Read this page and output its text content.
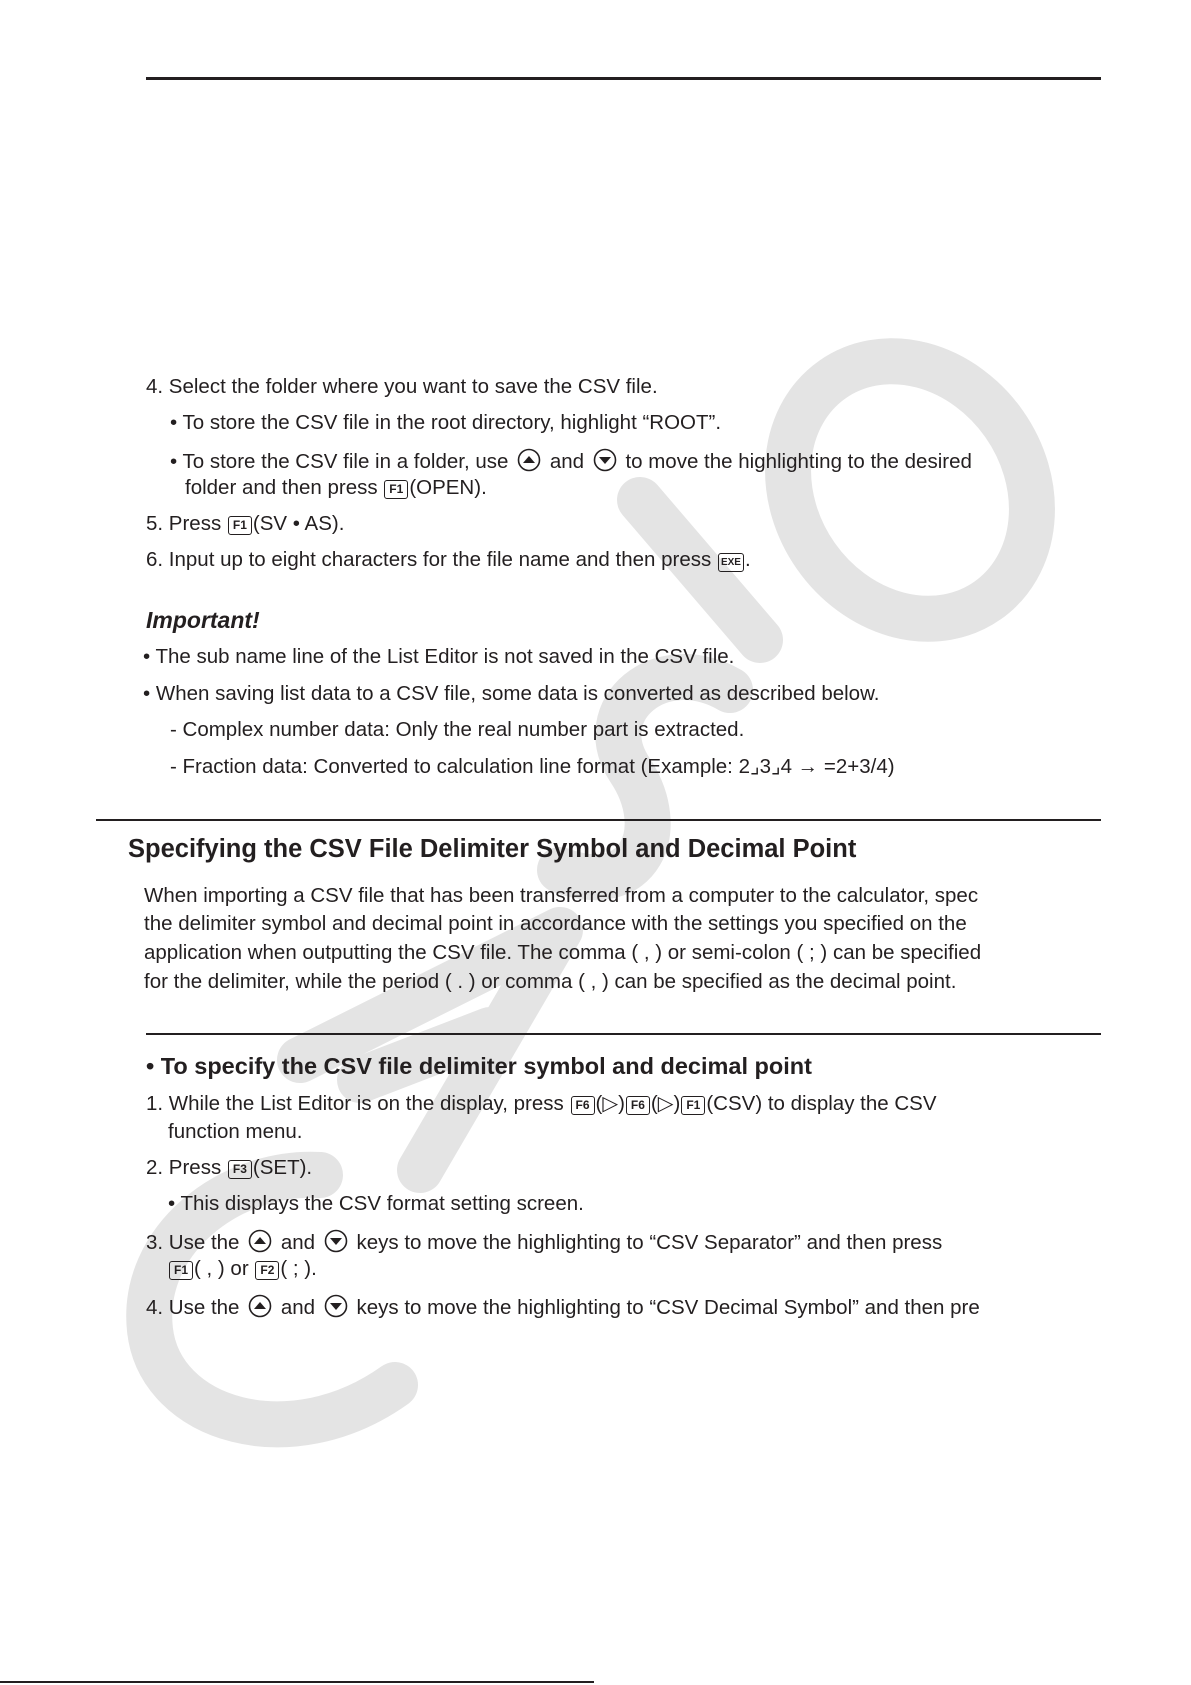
4. Select the folder where you want to save the CSV file.
• To store the CSV file in the root directory, highlight “ROOT”.
• To store the CSV file in a folder, use and to move the highlighting to the desired
folder and then press F1 (OPEN).
5. Press F1 (SV • AS).
6. Input up to eight characters for the file name and then press EXE .
Important!
• The sub name line of the List Editor is not saved in the CSV file.
• When saving list data to a CSV file, some data is converted as described below.
- Complex number data: Only the real number part is extracted.
- Fraction data: Converted to calculation line format (Example: 2⌟3⌟4 → =2+3/4)
Specifying the CSV File Delimiter Symbol and Decimal Point
When importing a CSV file that has been transferred from a computer to the calculator, spec
the delimiter symbol and decimal point in accordance with the settings you specified on the
application when outputting the CSV file. The comma ( , ) or semi-colon ( ; ) can be specified
for the delimiter, while the period ( . ) or comma ( , ) can be specified as the decimal point.
• To specify the CSV file delimiter symbol and decimal point
1. While the List Editor is on the display, press F6 (▷) F6 (▷) F1 (CSV) to display the CSV
function menu.
2. Press F3 (SET).
• This displays the CSV format setting screen.
3. Use the and keys to move the highlighting to “CSV Separator” and then press
F1 ( , ) or F2 ( ; ).
4. Use the and keys to move the highlighting to “CSV Decimal Symbol” and then pre
